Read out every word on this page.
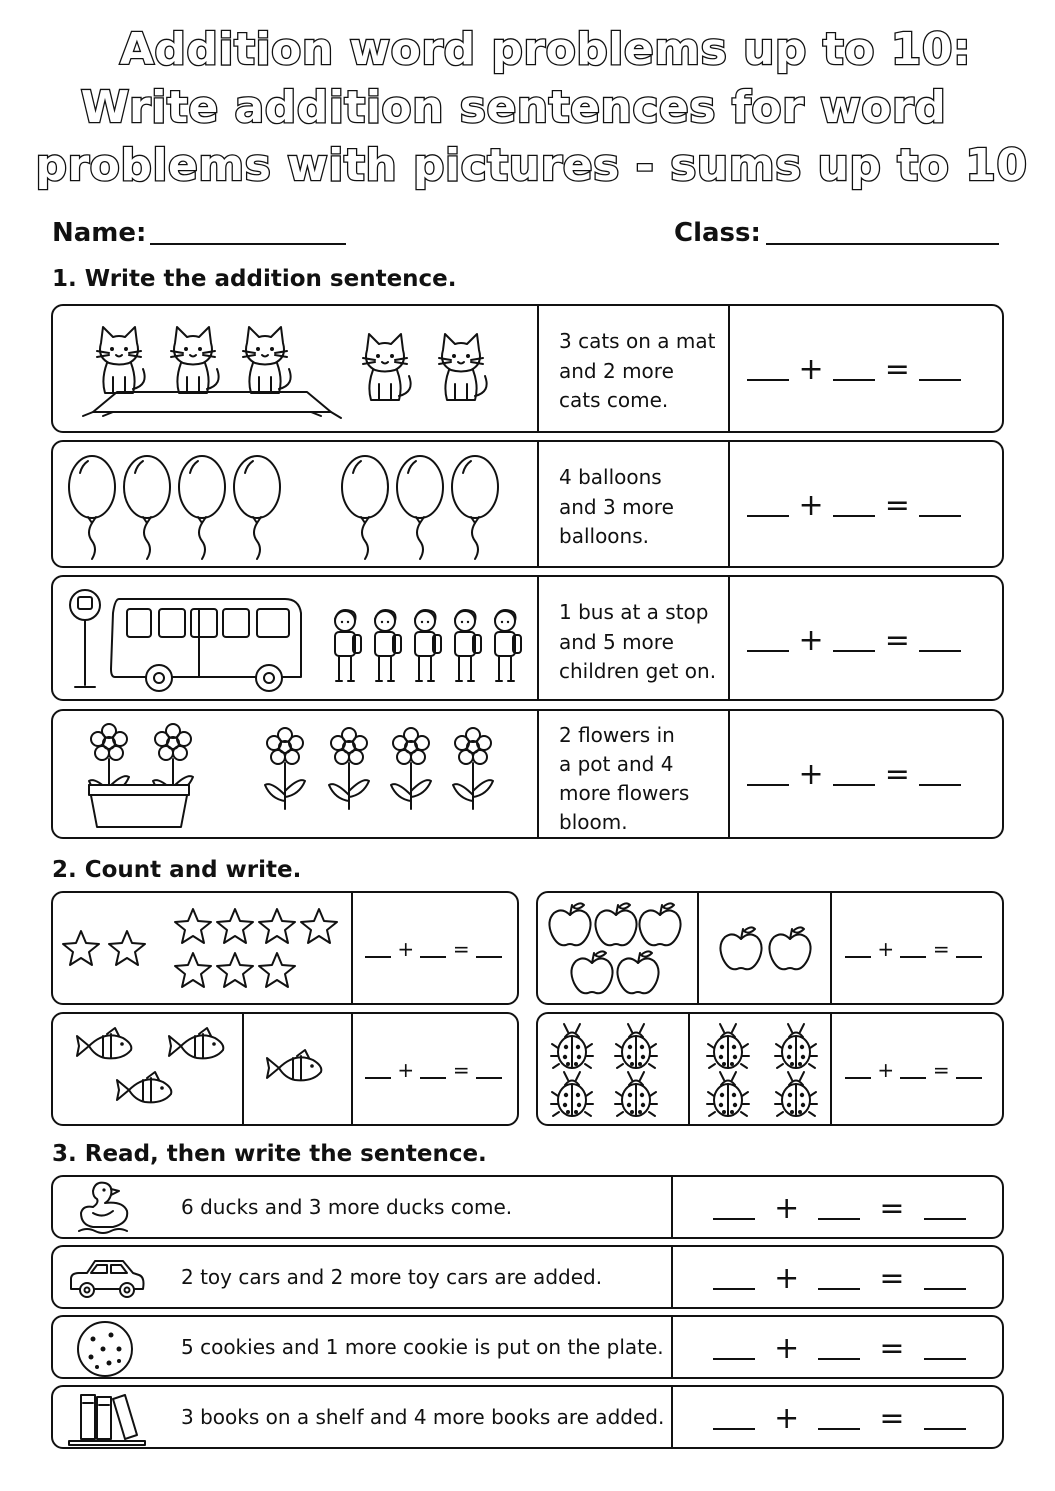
Addition word problems up to 10:
Write addition sentences for word
problems with pictures - sums up to 10
Name:	Class:
1. Write the addition sentence.
3 cats on a mat
and 2 more
cats come.
+ =
4 balloons
and 3 more
balloons.
+ =
1 bus at a stop
and 5 more
children get on.
+ =
2 flowers in
a pot and 4
more flowers
bloom.
+ =
2. Count and write.
+ =	+ =
+ =	+ =
3. Read, then write the sentence.
6 ducks and 3 more ducks come.	+	=
2 toy cars and 2 more toy cars are added.	+	=
5 cookies and 1 more cookie is put on the plate.	+	=
3 books on a shelf and 4 more books are added.	+	=
